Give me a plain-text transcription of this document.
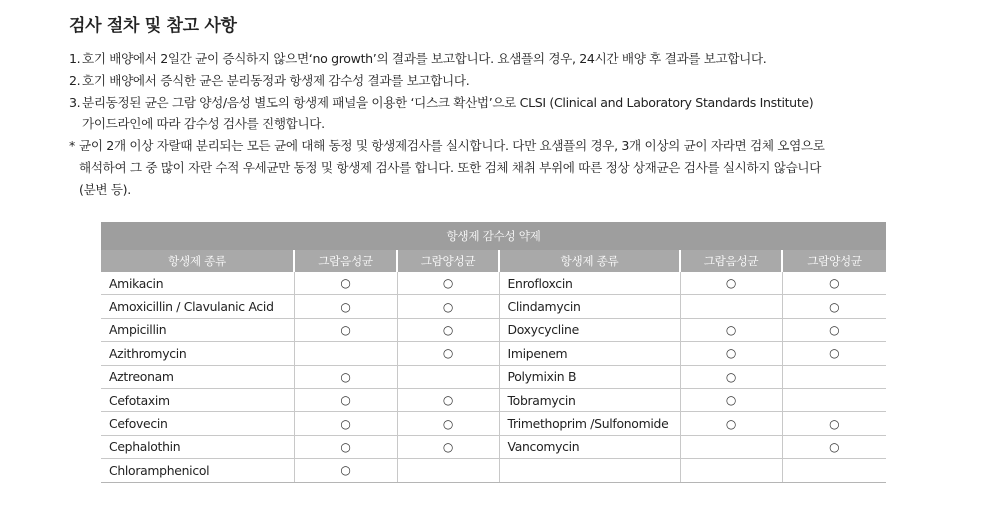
검사 절차 및 참고 사항
1. 호기 배양에서 2일간 균이 증식하지 않으면‘no growth’의 결과를 보고합니다. 요샘플의 경우, 24시간 배양 후 결과를 보고합니다.
2. 호기 배양에서 증식한 균은 분리동정과 항생제 감수성 결과를 보고합니다.
3. 분리동정된 균은 그람 양성/음성 별도의 항생제 패널을 이용한 ‘디스크 확산법’으로 CLSI (Clinical and Laboratory Standards Institute)
가이드라인에 따라 감수성 검사를 진행합니다.
* 균이 2개 이상 자랄때 분리되는 모든 균에 대해 동정 및 항생제검사를 실시합니다. 다만 요샘플의 경우, 3개 이상의 균이 자라면 검체 오염으로
해석하여 그 중 많이 자란 수적 우세균만 동정 및 항생제 검사를 합니다. 또한 검체 채취 부위에 따른 정상 상재균은 검사를 실시하지 않습니다
(분변 등).
항생제 감수성 약제					
항생제 종류	그람음성균	그람양성균	항생제 종류	그람음성균	그람양성균
Amikacin	○	○	Enrofloxcin	○	○
Amoxicillin / Clavulanic Acid	○	○	Clindamycin		○
Ampicillin	○	○	Doxycycline	○	○
Azithromycin		○	Imipenem	○	○
Aztreonam	○		Polymixin B	○	
Cefotaxim	○	○	Tobramycin	○	
Cefovecin	○	○	Trimethoprim /Sulfonomide	○	○
Cephalothin	○	○	Vancomycin		○
Chloramphenicol	○				
